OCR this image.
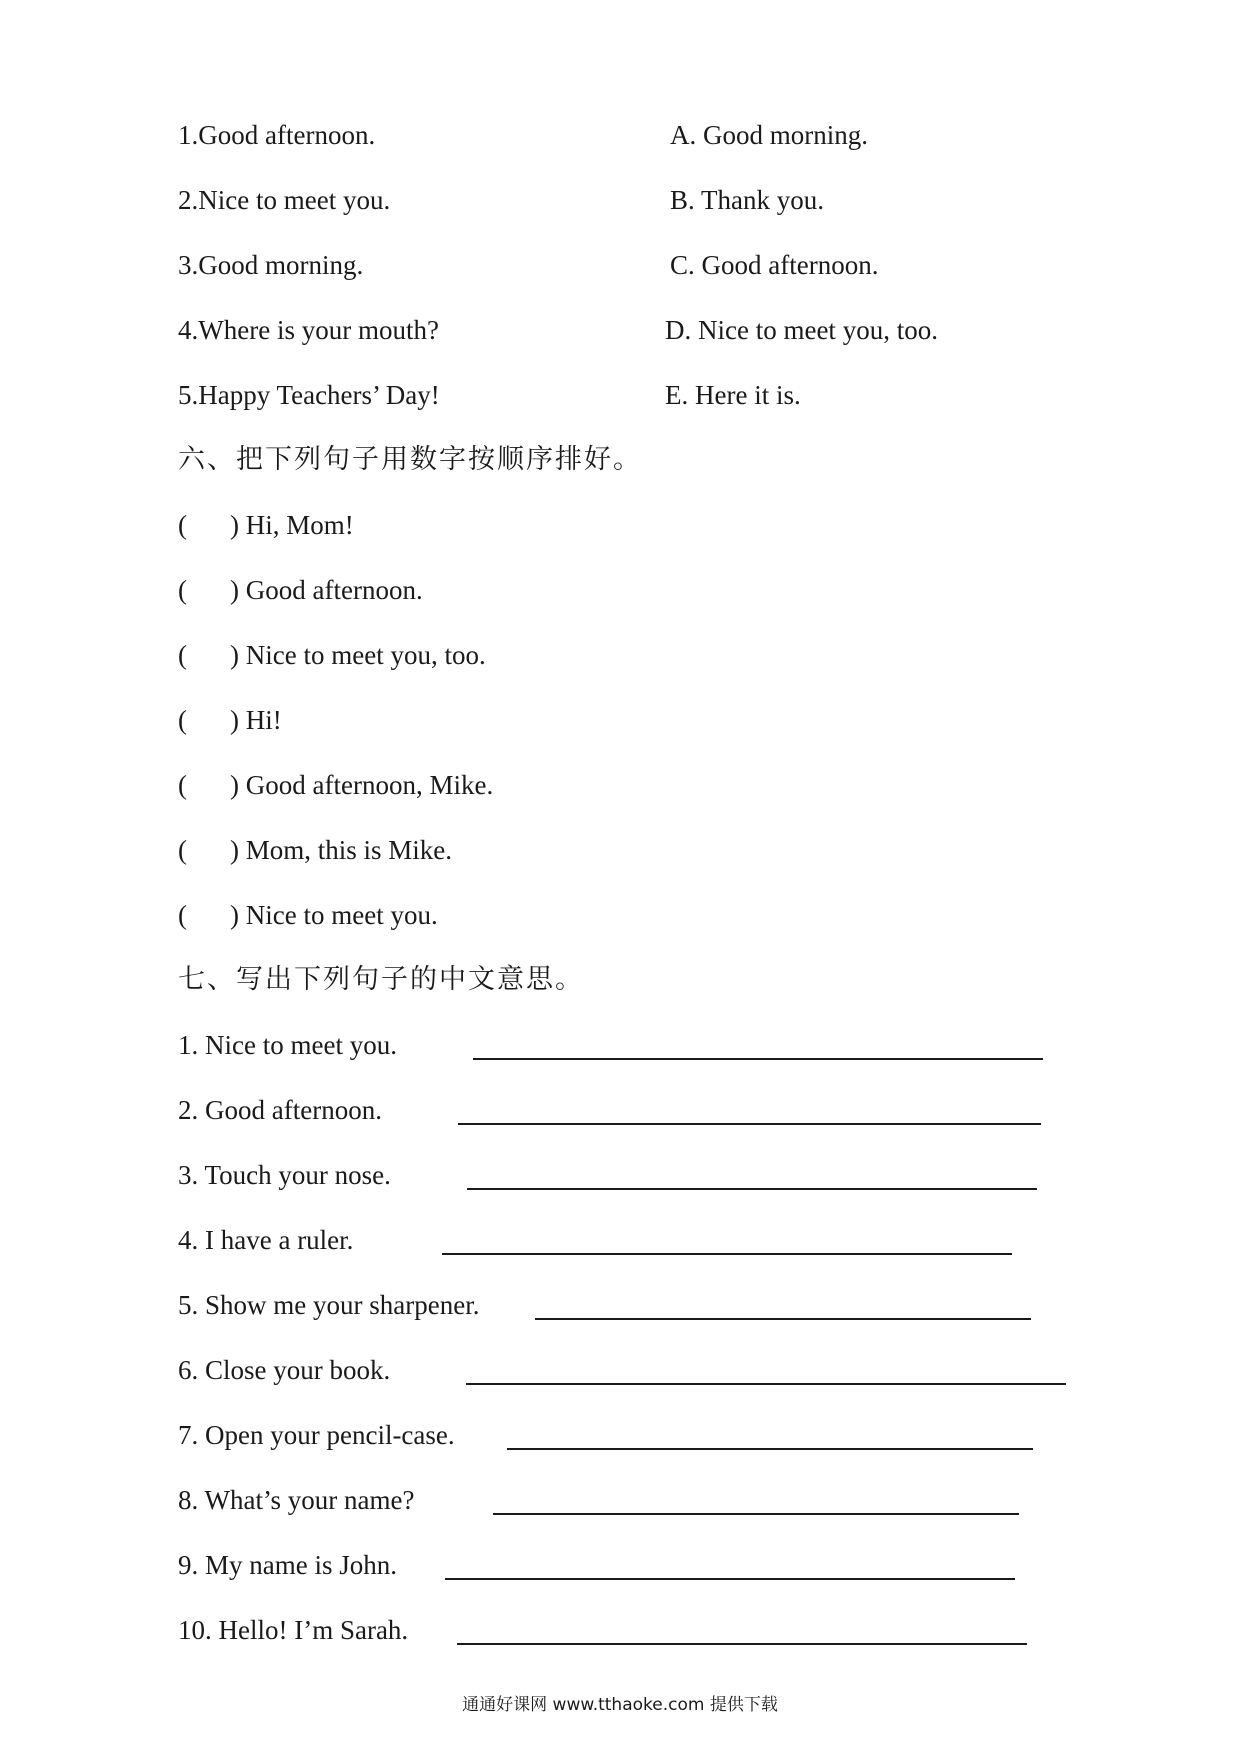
1.Good afternoon.
2.Nice to meet you.
3.Good morning.
4.Where is your mouth?
5.Happy Teachers’ Day!
A. Good morning.
B. Thank you.
C. Good afternoon.
D. Nice to meet you, too.
E. Here it is.
六、把下列句子用数字按顺序排好。
( ) Hi, Mom!
( ) Good afternoon.
( ) Nice to meet you, too.
( ) Hi!
( ) Good afternoon, Mike.
( ) Mom, this is Mike.
( ) Nice to meet you.
七、写出下列句子的中文意思。
1. Nice to meet you.
2. Good afternoon.
3. Touch your nose.
4. I have a ruler.
5. Show me your sharpener.
6. Close your book.
7. Open your pencil-case.
8. What’s your name?
9. My name is John.
10. Hello! I’m Sarah.
通通好课网 www.tthaoke.com 提供下载
